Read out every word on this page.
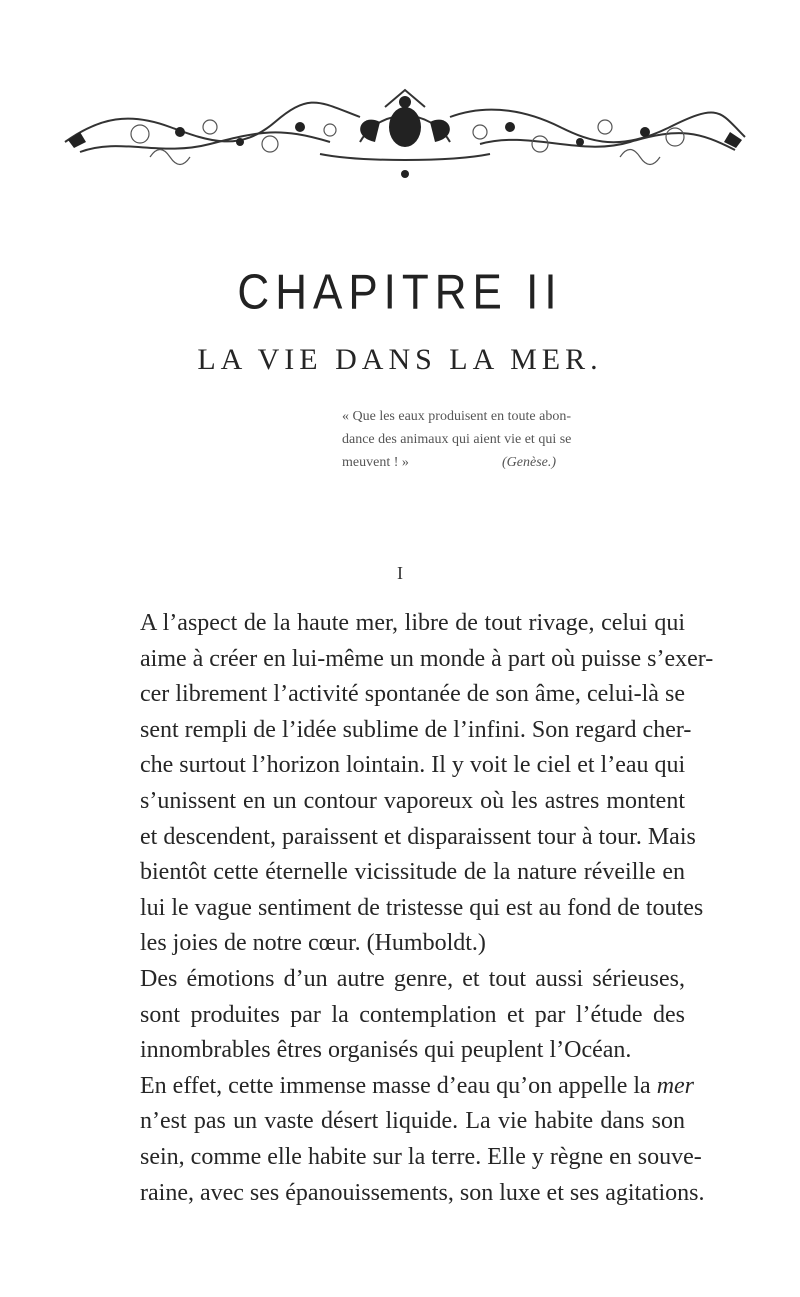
CHAPITRE II
LA VIE DANS LA MER.
« Que les eaux produisent en toute abon-
dance des animaux qui aient vie et qui se
meuvent ! »	(Genèse.)
I
A l’aspect de la haute mer, libre de tout rivage, celui qui
aime à créer en lui-même un monde à part où puisse s’exer-
cer librement l’activité spontanée de son âme, celui-là se
sent rempli de l’idée sublime de l’infini. Son regard cher-
che surtout l’horizon lointain. Il y voit le ciel et l’eau qui
s’unissent en un contour vaporeux où les astres montent
et descendent, paraissent et disparaissent tour à tour. Mais
bientôt cette éternelle vicissitude de la nature réveille en
lui le vague sentiment de tristesse qui est au fond de toutes
les joies de notre cœur. (Humboldt.)
Des émotions d’un autre genre, et tout aussi sérieuses,
sont produites par la contemplation et par l’étude des
innombrables êtres organisés qui peuplent l’Océan.
En effet, cette immense masse d’eau qu’on appelle la mer
n’est pas un vaste désert liquide. La vie habite dans son
sein, comme elle habite sur la terre. Elle y règne en souve-
raine, avec ses épanouissements, son luxe et ses agitations.
